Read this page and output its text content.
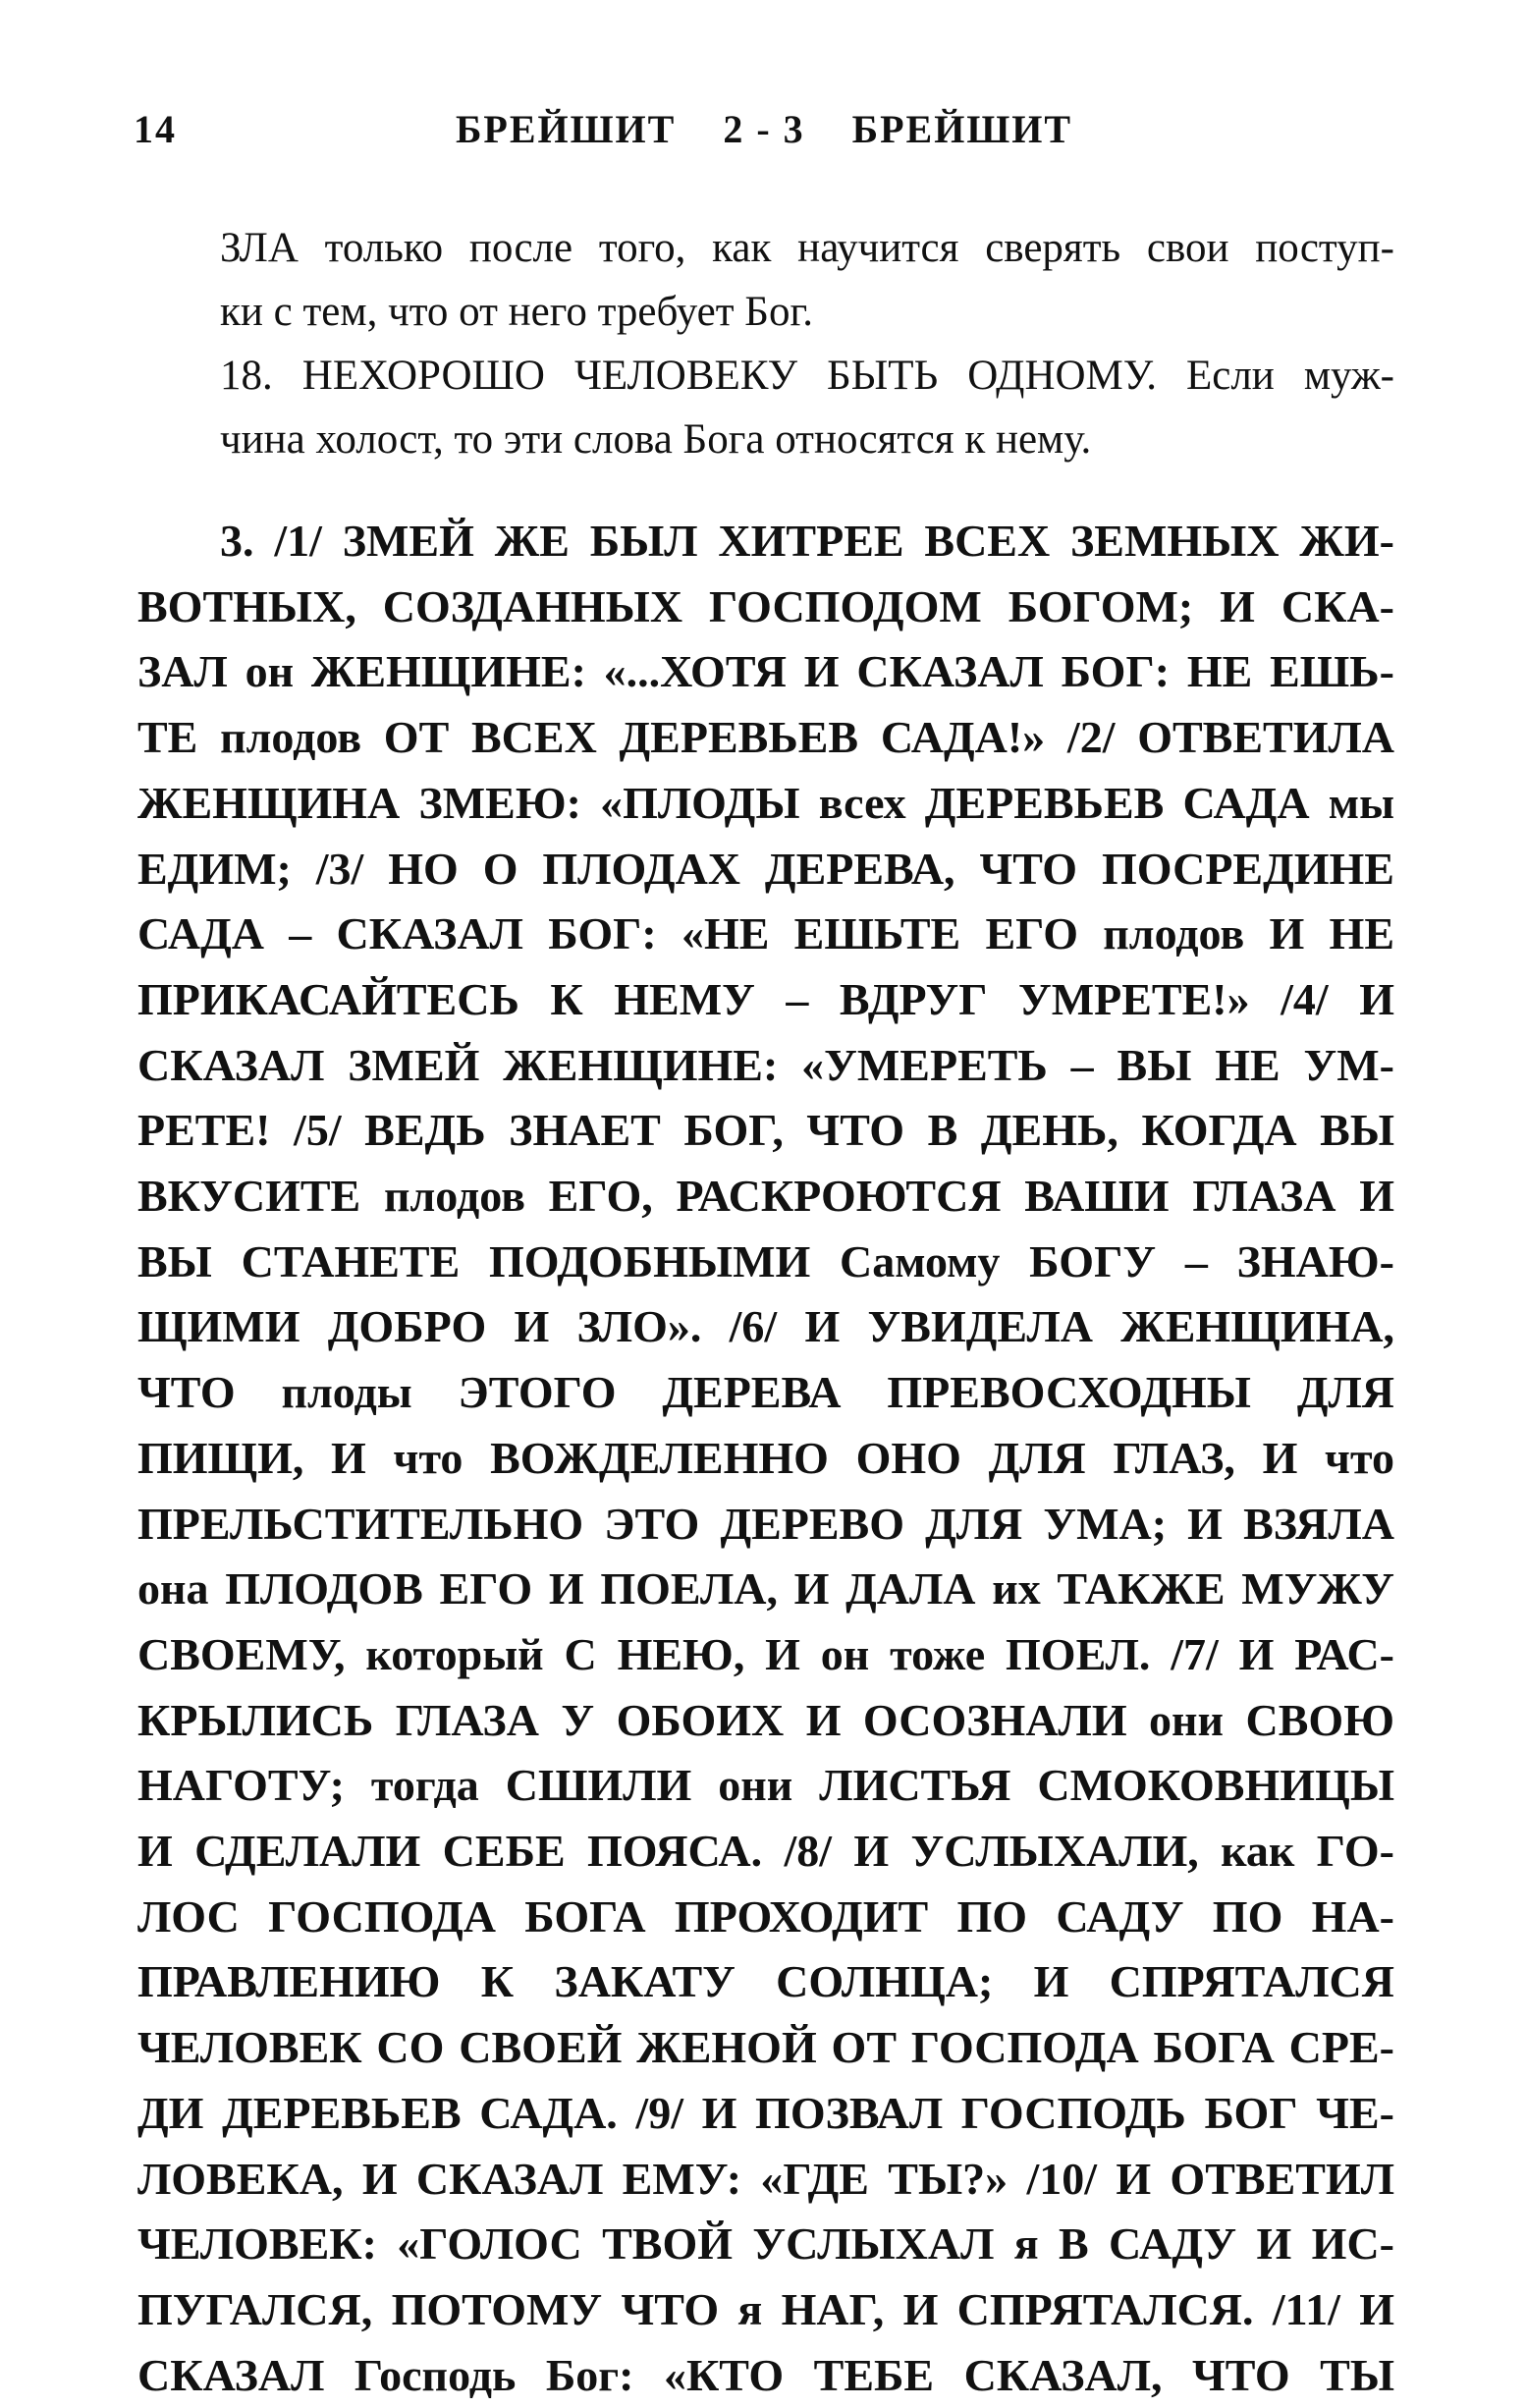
14	БРЕЙШИТ    2 - 3    БРЕЙШИТ
ЗЛА только после того, как научится сверять свои поступ-
ки с тем, что от него требует Бог.
18. НЕХОРОШО ЧЕЛОВЕКУ БЫТЬ ОДНОМУ. Если муж-
чина холост, то эти слова Бога относятся к нему.
3. /1/ ЗМЕЙ ЖЕ БЫЛ ХИТРЕЕ ВСЕХ ЗЕМНЫХ ЖИ-
ВОТНЫХ, СОЗДАННЫХ ГОСПОДОМ БОГОМ; И СКА-
ЗАЛ он ЖЕНЩИНЕ: «...ХОТЯ И СКАЗАЛ БОГ: НЕ ЕШЬ-
ТЕ плодов ОТ ВСЕХ ДЕРЕВЬЕВ САДА!» /2/ ОТВЕТИЛА
ЖЕНЩИНА ЗМЕЮ: «ПЛОДЫ всех ДЕРЕВЬЕВ САДА мы
ЕДИМ; /3/ НО О ПЛОДАХ ДЕРЕВА, ЧТО ПОСРЕДИНЕ
САДА – СКАЗАЛ БОГ: «НЕ ЕШЬТЕ ЕГО плодов И НЕ
ПРИКАСАЙТЕСЬ К НЕМУ – ВДРУГ УМРЕТЕ!» /4/ И
СКАЗАЛ ЗМЕЙ ЖЕНЩИНЕ: «УМЕРЕТЬ – ВЫ НЕ УМ-
РЕТЕ! /5/ ВЕДЬ ЗНАЕТ БОГ, ЧТО В ДЕНЬ, КОГДА ВЫ
ВКУСИТЕ плодов ЕГО, РАСКРОЮТСЯ ВАШИ ГЛАЗА И
ВЫ СТАНЕТЕ ПОДОБНЫМИ Самому БОГУ – ЗНАЮ-
ЩИМИ ДОБРО И ЗЛО». /6/ И УВИДЕЛА ЖЕНЩИНА,
ЧТО плоды ЭТОГО ДЕРЕВА ПРЕВОСХОДНЫ ДЛЯ
ПИЩИ, И что ВОЖДЕЛЕННО ОНО ДЛЯ ГЛАЗ, И что
ПРЕЛЬСТИТЕЛЬНО ЭТО ДЕРЕВО ДЛЯ УМА; И ВЗЯЛА
она ПЛОДОВ ЕГО И ПОЕЛА, И ДАЛА их ТАКЖЕ МУЖУ
СВОЕМУ, который С НЕЮ, И он тоже ПОЕЛ. /7/ И РАС-
КРЫЛИСЬ ГЛАЗА У ОБОИХ И ОСОЗНАЛИ они СВОЮ
НАГОТУ; тогда СШИЛИ они ЛИСТЬЯ СМОКОВНИЦЫ
И СДЕЛАЛИ СЕБЕ ПОЯСА. /8/ И УСЛЫХАЛИ, как ГО-
ЛОС ГОСПОДА БОГА ПРОХОДИТ ПО САДУ ПО НА-
ПРАВЛЕНИЮ К ЗАКАТУ СОЛНЦА; И СПРЯТАЛСЯ
ЧЕЛОВЕК СО СВОЕЙ ЖЕНОЙ ОТ ГОСПОДА БОГА СРЕ-
ДИ ДЕРЕВЬЕВ САДА. /9/ И ПОЗВАЛ ГОСПОДЬ БОГ ЧЕ-
ЛОВЕКА, И СКАЗАЛ ЕМУ: «ГДЕ ТЫ?» /10/ И ОТВЕТИЛ
ЧЕЛОВЕК: «ГОЛОС ТВОЙ УСЛЫХАЛ я В САДУ И ИС-
ПУГАЛСЯ, ПОТОМУ ЧТО я НАГ, И СПРЯТАЛСЯ. /11/ И
СКАЗАЛ Господь Бог: «КТО ТЕБЕ СКАЗАЛ, ЧТО ТЫ
